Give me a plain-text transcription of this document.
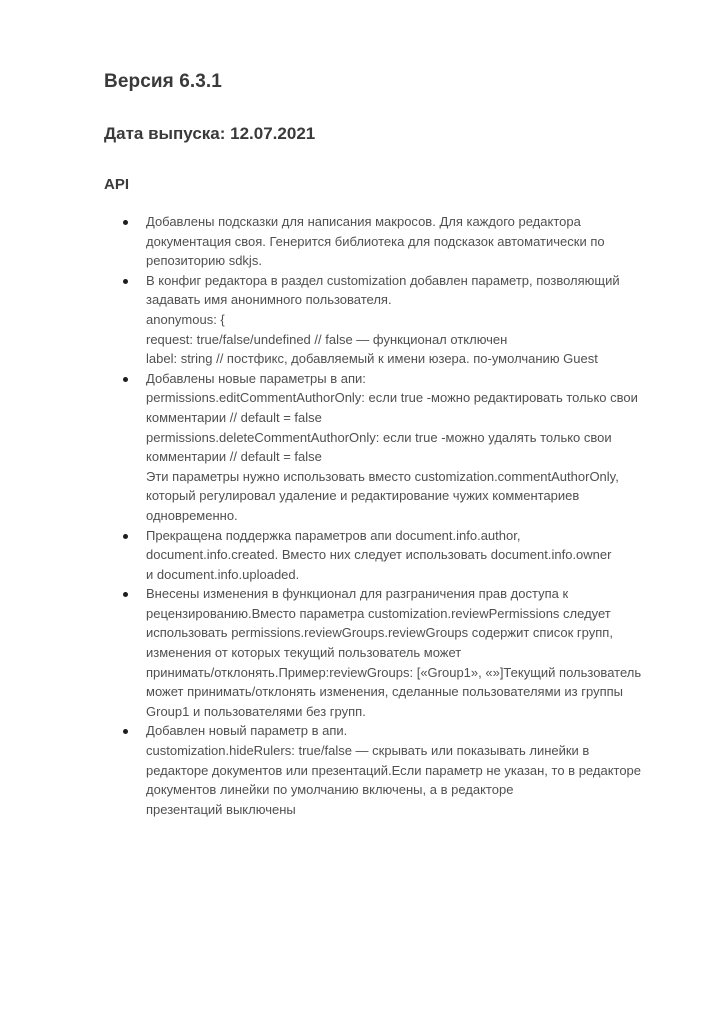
Версия 6.3.1
Дата выпуска: 12.07.2021
API
Добавлены подсказки для написания макросов. Для каждого редактора
документация своя. Генерится библиотека для подсказок автоматически по
репозиторию sdkjs.
В конфиг редактора в раздел customization добавлен параметр, позволяющий
задавать имя анонимного пользователя.
anonymous: {
request: true/false/undefined // false — функционал отключен
label: string // постфикс, добавляемый к имени юзера. по-умолчанию Guest
Добавлены новые параметры в апи:
permissions.editCommentAuthorOnly: если true -можно редактировать только свои
комментарии // default = false
permissions.deleteCommentAuthorOnly: если true -можно удалять только свои
комментарии // default = false
Эти параметры нужно использовать вместо customization.commentAuthorOnly,
который регулировал удаление и редактирование чужих комментариев
одновременно.
Прекращена поддержка параметров апи document.info.author,
document.info.created. Вместо них следует использовать document.info.owner
и document.info.uploaded.
Внесены изменения в функционал для разграничения прав доступа к
рецензированию.Вместо параметра customization.reviewPermissions следует
использовать permissions.reviewGroups.reviewGroups содержит список групп,
изменения от которых текущий пользователь может
принимать/отклонять.Пример:reviewGroups: [«Group1», «»]Текущий пользователь
может принимать/отклонять изменения, сделанные пользователями из группы
Group1 и пользователями без групп.
Добавлен новый параметр в апи.
customization.hideRulers: true/false — скрывать или показывать линейки в
редакторе документов или презентаций.Если параметр не указан, то в редакторе
документов линейки по умолчанию включены, а в редакторе
презентаций выключены
